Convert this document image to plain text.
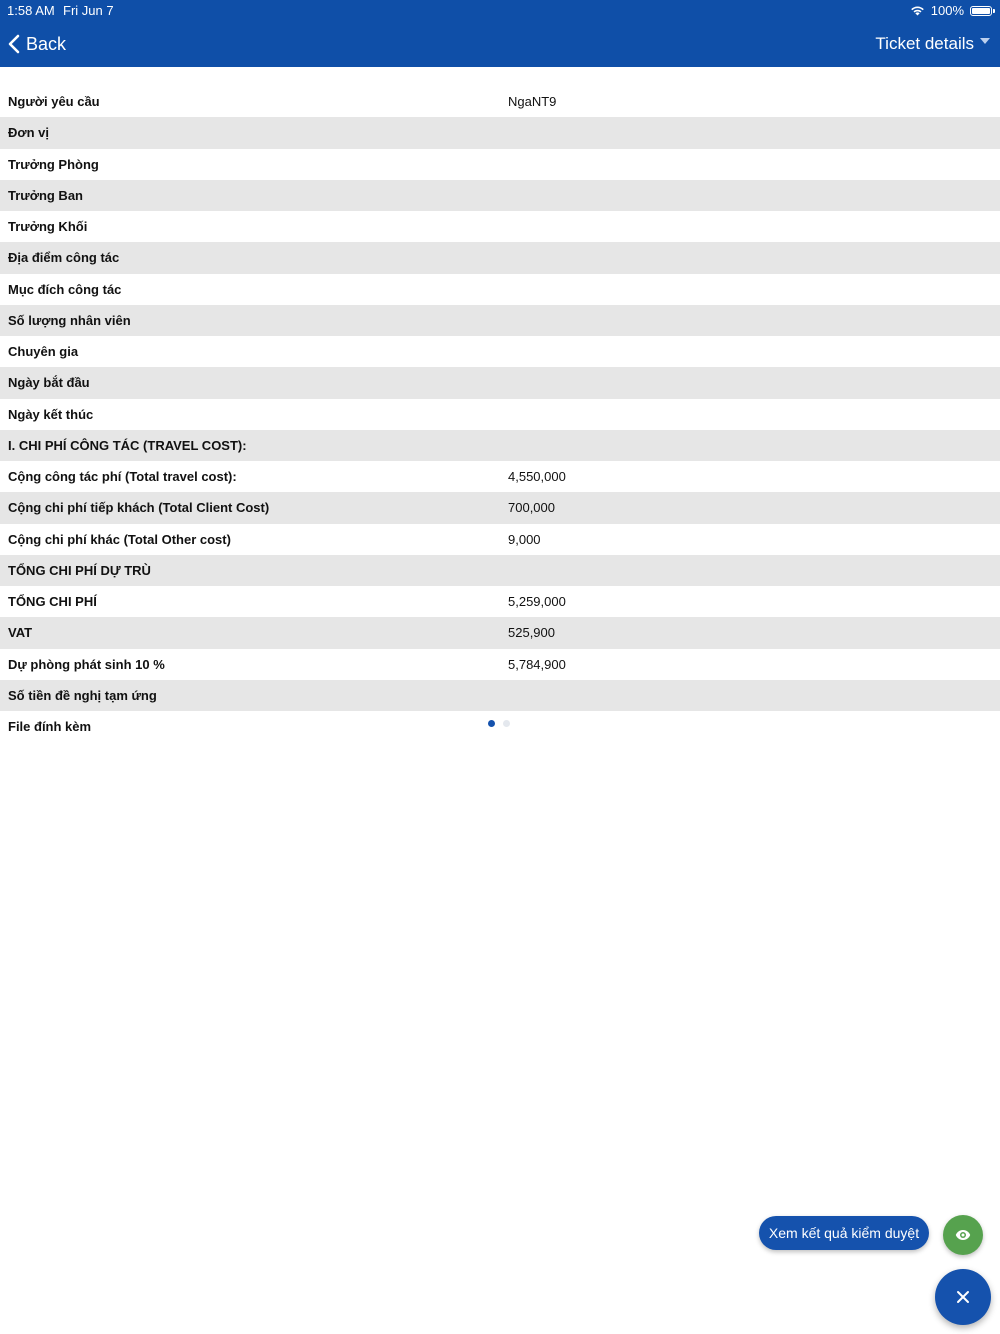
1:58 AM Fri Jun 7	100%
Back	Ticket details
Người yêu cầu	NgaNT9
Đơn vị
Trưởng Phòng
Trưởng Ban
Trưởng Khối
Địa điểm công tác
Mục đích công tác
Số lượng nhân viên
Chuyên gia
Ngày bắt đầu
Ngày kết thúc
I. CHI PHÍ CÔNG TÁC (TRAVEL COST):
Cộng công tác phí (Total travel cost):	4,550,000
Cộng chi phí tiếp khách (Total Client Cost)	700,000
Cộng chi phí khác (Total Other cost)	9,000
TỔNG CHI PHÍ DỰ TRÙ
TỔNG CHI PHÍ	5,259,000
VAT	525,900
Dự phòng phát sinh 10 %	5,784,900
Số tiền đề nghị tạm ứng
File đính kèm
Xem kết quả kiểm duyệt
